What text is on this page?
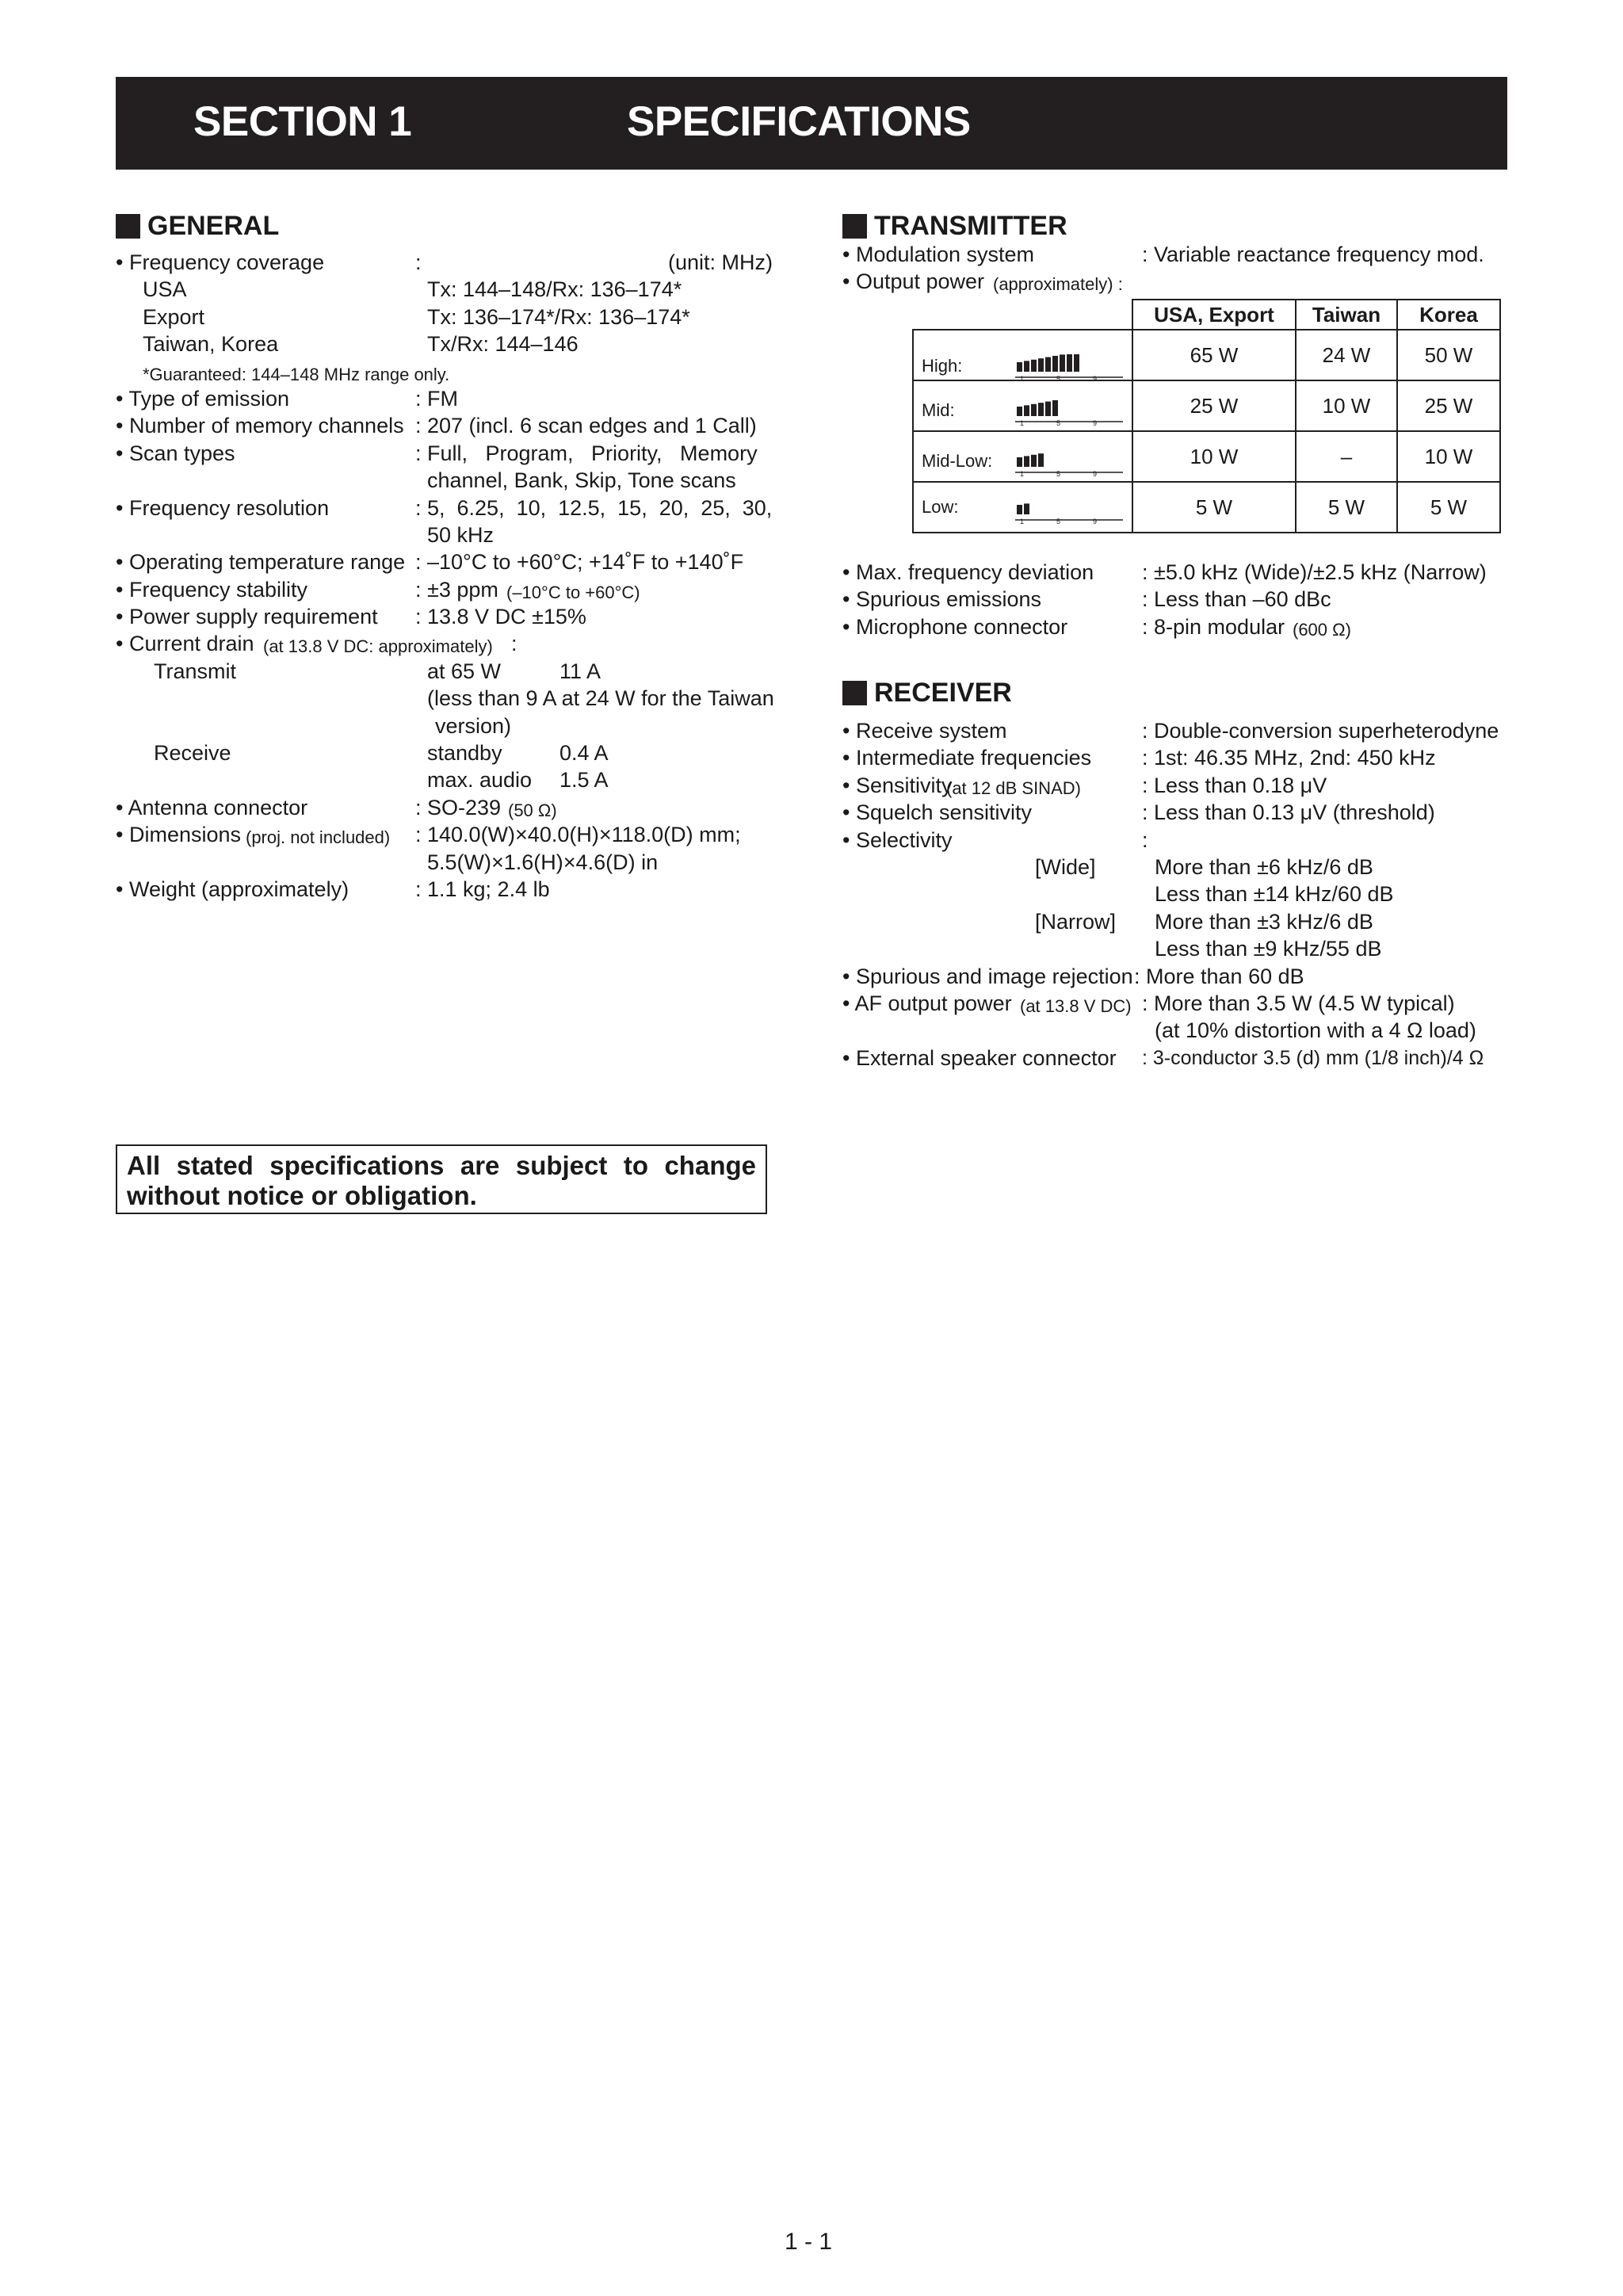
SECTION 1	SPECIFICATIONS
GENERAL
• Frequency coverage	:	(unit: MHz)
USA	Tx: 144–148/Rx: 136–174*
Export	Tx: 136–174*/Rx: 136–174*
Taiwan, Korea	Tx/Rx: 144–146
*Guaranteed: 144–148 MHz range only.
• Type of emission	: FM
• Number of memory channels : 207 (incl. 6 scan edges and 1 Call)
• Scan types	: Full,   Program,   Priority,   Memory
channel, Bank, Skip, Tone scans
• Frequency resolution	: 5,  6.25,  10,  12.5,  15,  20,  25,  30,
50 kHz
• Operating temperature range : –10°C to +60°C; +14˚F to +140˚F
• Frequency stability	: ±3 ppm (–10°C to +60°C)
• Power supply requirement : 13.8 V DC ±15%
• Current drain (at 13.8 V DC: approximately) :
Transmit	at 65 W	11 A
(less than 9 A at 24 W for the Taiwan
version)
Receive	standby	0.4 A
max. audio 1.5 A
• Antenna connector	: SO-239 (50 Ω)
• Dimensions (proj. not included) : 140.0(W)×40.0(H)×118.0(D) mm;
5.5(W)×1.6(H)×4.6(D) in
• Weight (approximately)	: 1.1 kg; 2.4 lb
TRANSMITTER
• Modulation system	: Variable reactance frequency mod.
• Output power (approximately) :
	USA, Export	Taiwan	Korea

High:
1 5 9	65 W	24 W	50 W

Mid:
1 5 9	25 W	10 W	25 W

Mid-Low:
1 5 9	10 W	–	10 W

Low:
1 5 9	5 W	5 W	5 W
• Max. frequency deviation : ±5.0 kHz (Wide)/±2.5 kHz (Narrow)
• Spurious emissions	: Less than –60 dBc
• Microphone connector	: 8-pin modular (600 Ω)
RECEIVER
• Receive system	: Double-conversion superheterodyne
• Intermediate frequencies : 1st: 46.35 MHz, 2nd: 450 kHz
• Sensitivity
(at 12 dB SINAD)	: Less than 0.18 μV
• Squelch sensitivity	: Less than 0.13 μV (threshold)
• Selectivity	:
[Wide]	More than ±6 kHz/6 dB
Less than ±14 kHz/60 dB
[Narrow] More than ±3 kHz/6 dB
Less than ±9 kHz/55 dB
• Spurious and image rejection : More than 60 dB
• AF output power (at 13.8 V DC) : More than 3.5 W (4.5 W typical)
(at 10% distortion with a 4 Ω load)
• External speaker connector : 3-conductor 3.5 (d) mm (1/8 inch)/4 Ω
All stated specifications are subject to change without notice or obligation.
1 - 1
